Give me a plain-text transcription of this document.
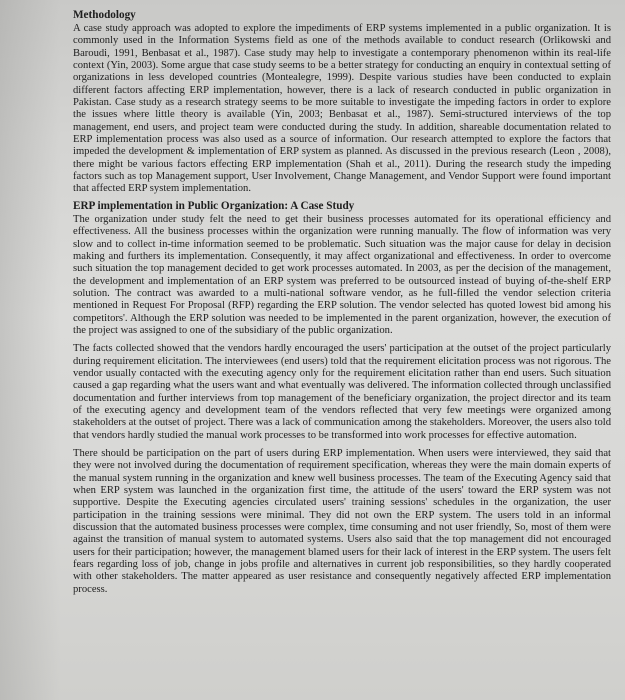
Methodology

A case study approach was adopted to explore the impediments of ERP systems implemented in a public organization. It is commonly used in the Information Systems field as one of the methods available to conduct research (Orlikowski and Baroudi, 1991, Benbasat et al., 1987). Case study may help to investigate a contemporary phenomenon within its real-life context (Yin, 2003). Some argue that case study seems to be a better strategy for conducting an enquiry in contextual setting of organizations in less developed countries (Montealegre, 1999). Despite various studies have been conducted to explain different factors affecting ERP implementation, however, there is a lack of research conducted in public organization in Pakistan. Case study as a research strategy seems to be more suitable to investigate the impeding factors in order to explore the issues where little theory is available (Yin, 2003; Benbasat et al., 1987). Semi-structured interviews of the top management, end users, and project team were conducted during the study. In addition, shareable documentation related to ERP implementation process was also used as a source of information. Our research attempted to explore the factors that impeded the development & implementation of ERP system as planned. As discussed in the previous research (Leon , 2008), there might be various factors effecting ERP implementation (Shah et al., 2011). During the research study the impeding factors such as top Management support, User Involvement, Change Management, and Vendor Support were found important that affected ERP system implementation.

ERP implementation in Public Organization: A Case Study

The organization under study felt the need to get their business processes automated for its operational efficiency and effectiveness. All the business processes within the organization were running manually. The flow of information was very slow and to collect in-time information seemed to be problematic. Such situation was the major cause for delay in decision making and furthers its implementation. Consequently, it may affect organizational and effectiveness. In order to overcome such situation the top management decided to get work processes automated. In 2003, as per the decision of the management, the development and implementation of an ERP system was preferred to be outsourced instead of buying of-the-shelf ERP solution. The contract was awarded to a multi-national software vendor, as he full-filled the vendor selection criteria mentioned in Request For Proposal (RFP) regarding the ERP solution. The vendor selected has quoted lowest bid among his competitors'. Although the ERP solution was needed to be implemented in the parent organization, however, the execution of the project was assigned to one of the subsidiary of the public organization.

The facts collected showed that the vendors hardly encouraged the users' participation at the outset of the project particularly during requirement elicitation. The interviewees (end users) told that the requirement elicitation process was not rigorous. The vendor usually contacted with the executing agency only for the requirement elicitation rather than end users. Such situation caused a gap regarding what the users want and what eventually was delivered. The information collected through unclassified documentation and further interviews from top management of the beneficiary organization, the project director and its team of the executing agency and development team of the vendors reflected that very few meetings were organized among stakeholders at the outset of project. There was a lack of communication among the stakeholders. Moreover, the users also told that vendors hardly studied the manual work processes to be transformed into work processes for effective automation.

There should be participation on the part of users during ERP implementation. When users were interviewed, they said that they were not involved during the documentation of requirement specification, whereas they were the main domain experts of the manual system running in the organization and knew well business processes. The team of the Executing Agency said that when ERP system was launched in the organization first time, the attitude of the users' toward the ERP system was not supportive. Despite the Executing agencies circulated users' training sessions' schedules in the organization, the user participation in the training sessions were minimal. They did not own the ERP system. The users told in an informal discussion that the automated business processes were complex, time consuming and not user friendly, So, most of them were against the transition of manual system to automated systems. Users also said that the top management did not encouraged users for their participation; however, the management blamed users for their lack of interest in the ERP system. The users felt fears regarding loss of job, change in jobs profile and alternatives in current job responsibilities, so they hardly cooperated with other stakeholders. The matter appeared as user resistance and consequently negatively affected ERP implementation process.
